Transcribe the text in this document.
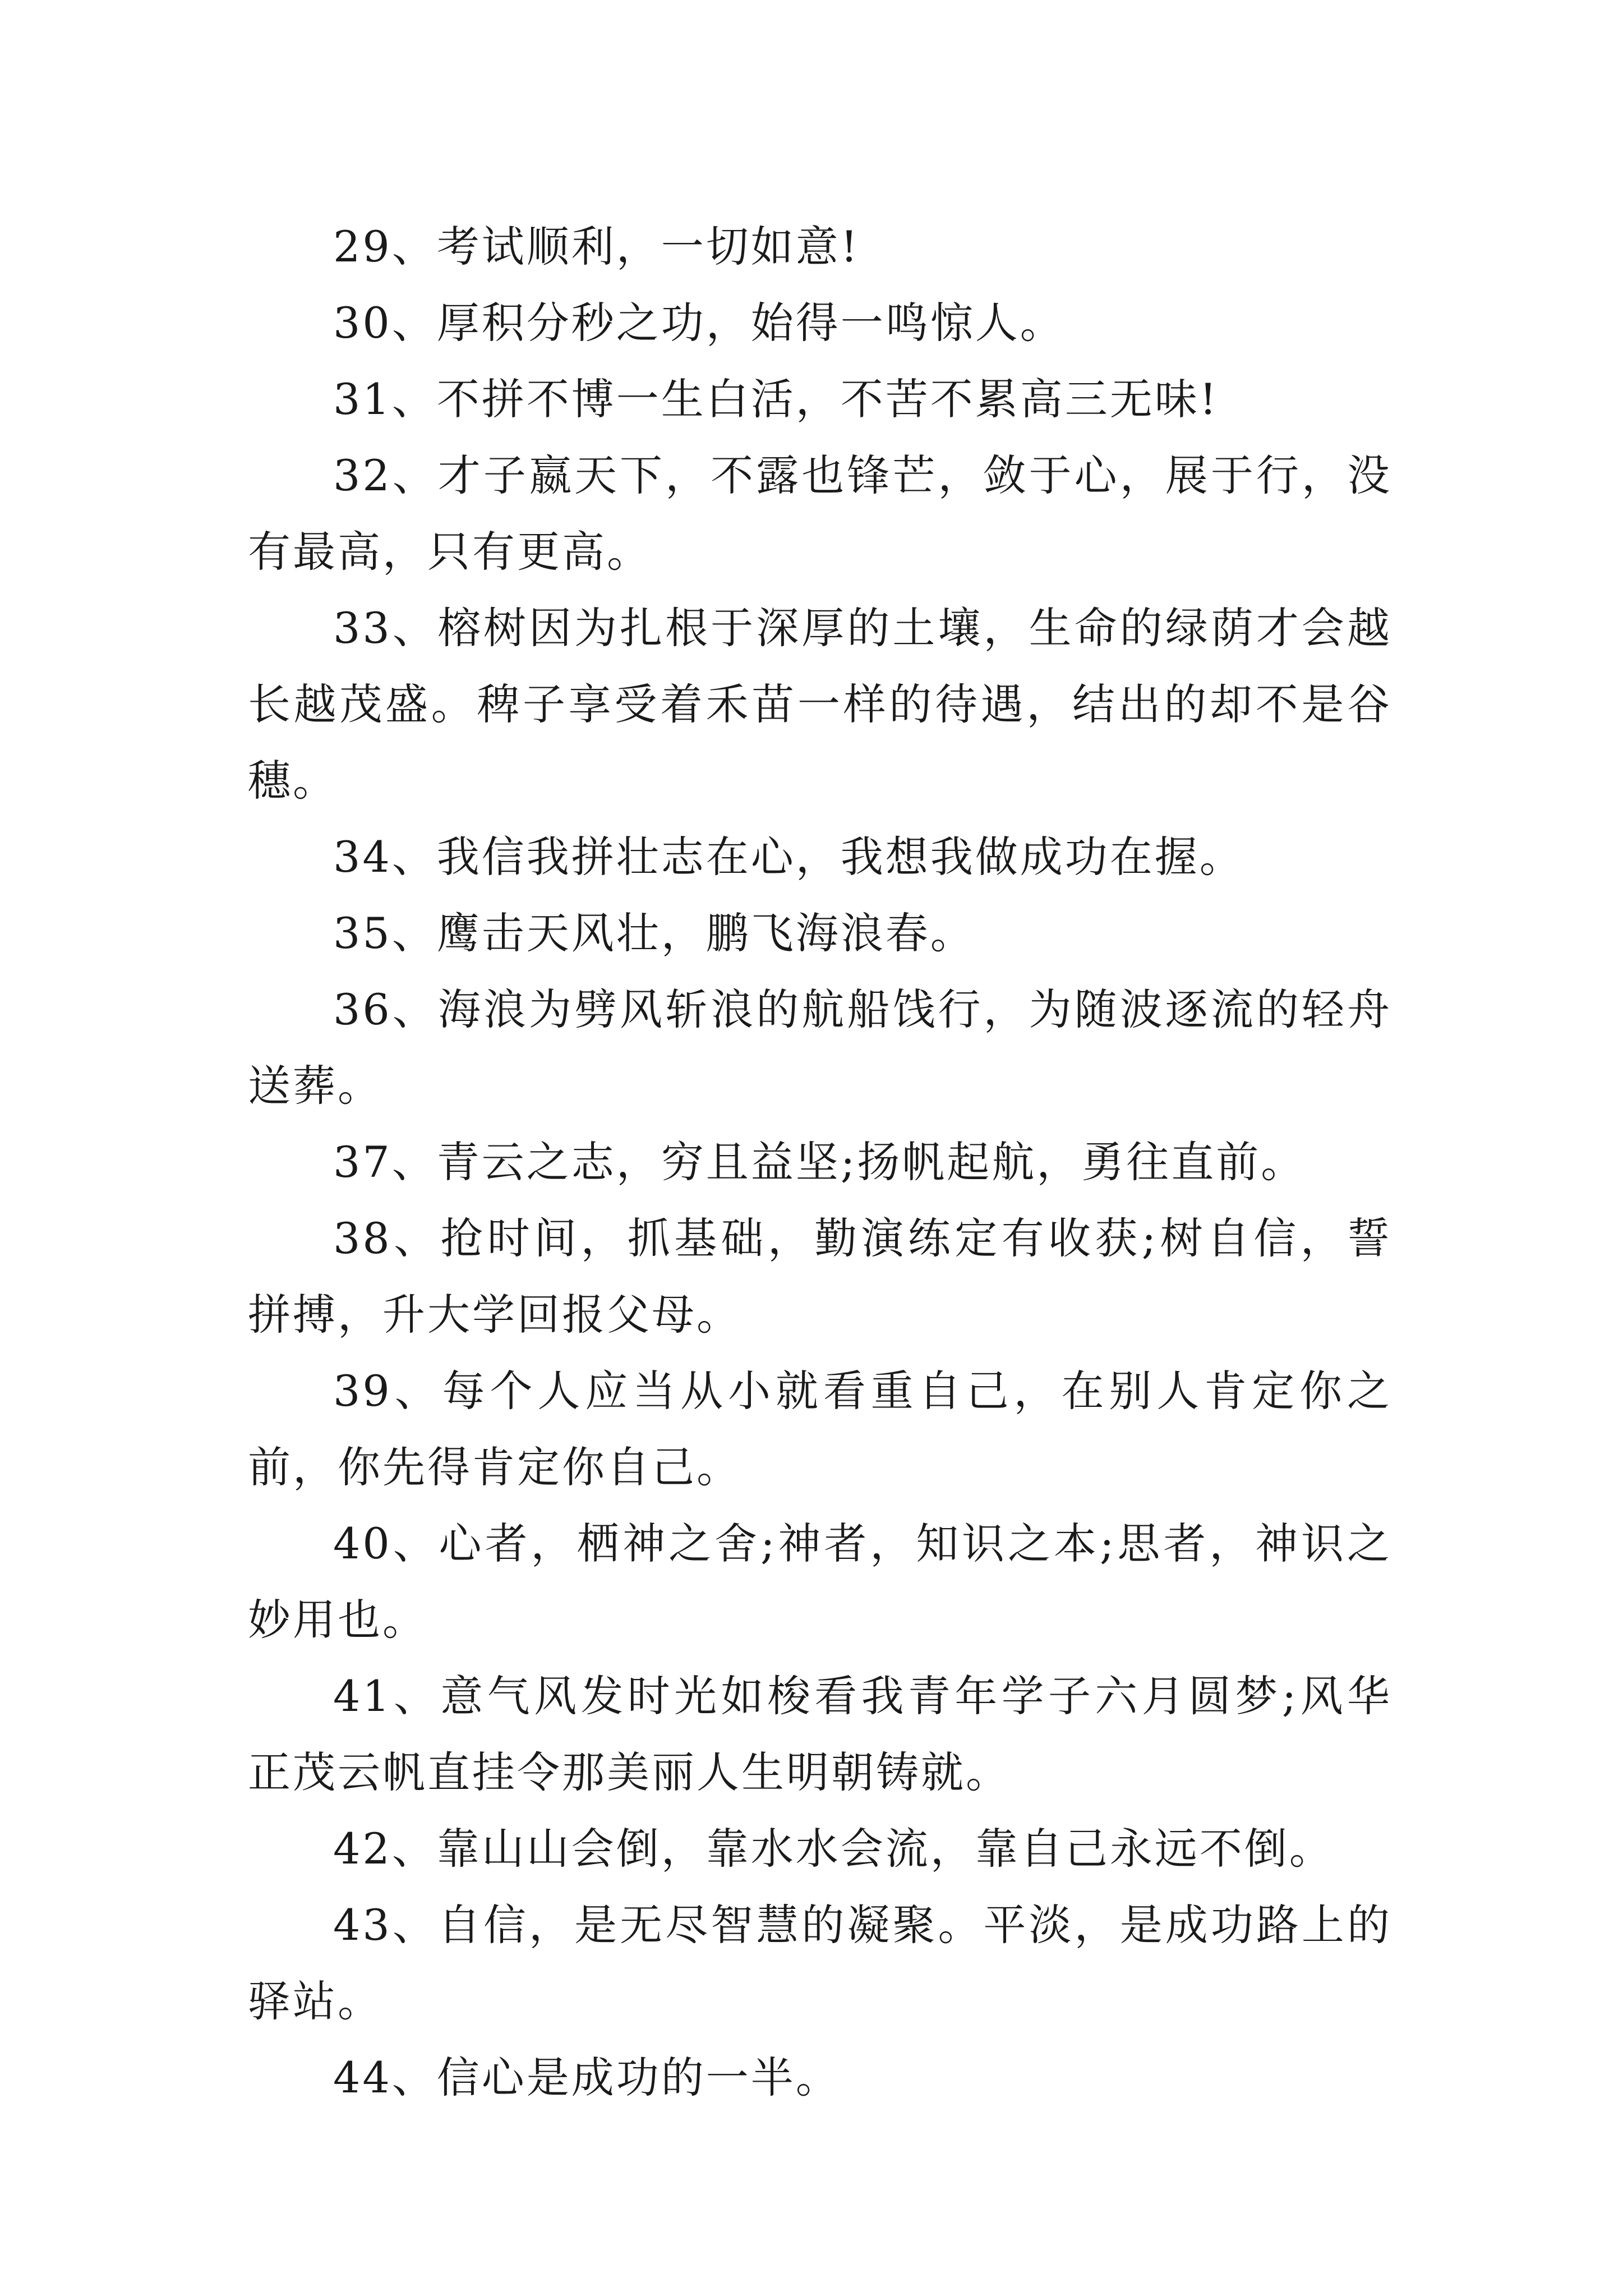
29、考试顺利，一切如意!

30、厚积分秒之功，始得一鸣惊人。

31、不拼不博一生白活，不苦不累高三无味!

32、才子嬴天下，不露也锋芒，敛于心，展于行，没有最高，只有更高。

33、榕树因为扎根于深厚的土壤，生命的绿荫才会越长越茂盛。稗子享受着禾苗一样的待遇，结出的却不是谷穗。

34、我信我拼壮志在心，我想我做成功在握。

35、鹰击天风壮，鹏飞海浪春。

36、海浪为劈风斩浪的航船饯行，为随波逐流的轻舟送葬。

37、青云之志，穷且益坚;扬帆起航，勇往直前。

38、抢时间，抓基础，勤演练定有收获;树自信，誓拼搏，升大学回报父母。

39、每个人应当从小就看重自己，在别人肯定你之前，你先得肯定你自己。

40、心者，栖神之舍;神者，知识之本;思者，神识之妙用也。

41、意气风发时光如梭看我青年学子六月圆梦;风华正茂云帆直挂令那美丽人生明朝铸就。

42、靠山山会倒，靠水水会流，靠自己永远不倒。

43、自信，是无尽智慧的凝聚。平淡，是成功路上的驿站。

44、信心是成功的一半。
